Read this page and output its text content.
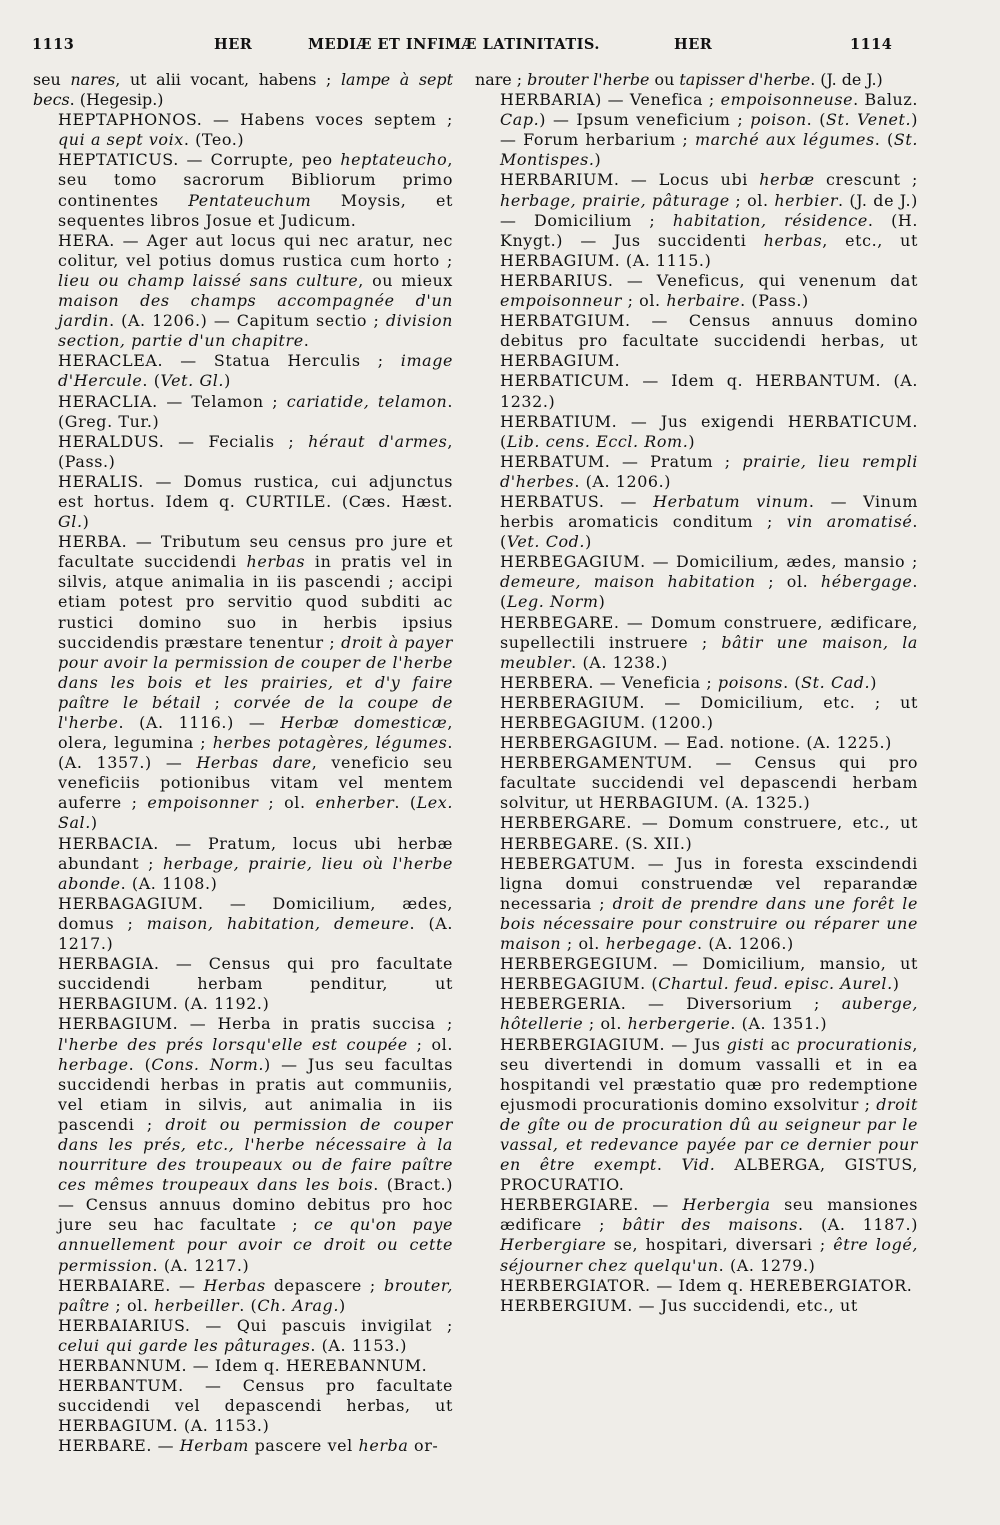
1113	HER	MEDIÆ ET INFIMÆ LATINITATIS.	HER	1114

seu nares, ut alii vocant, habens ; lampe à sept becs. (Hegesip.)

HEPTAPHONOS. — Habens voces septem ; qui a sept voix. (Teo.)

HEPTATICUS. — Corrupte, peo heptateucho, seu tomo sacrorum Bibliorum primo continentes Pentateuchum Moysis, et sequentes libros Josue et Judicum.

HERA. — Ager aut locus qui nec aratur, nec colitur, vel potius domus rustica cum horto ; lieu ou champ laissé sans culture, ou mieux maison des champs accompagnée d'un jardin. (A. 1206.) — Capitum sectio ; division section, partie d'un chapitre.

HERACLEA. — Statua Herculis ; image d'Hercule. (Vet. Gl.)

HERACLIA. — Telamon ; cariatide, telamon. (Greg. Tur.)

HERALDUS. — Fecialis ; héraut d'armes, (Pass.)

HERALIS. — Domus rustica, cui adjunctus est hortus. Idem q. CURTILE. (Cæs. Hæst. Gl.)

HERBA. — Tributum seu census pro jure et facultate succidendi herbas in pratis vel in silvis, atque animalia in iis pascendi ; accipi etiam potest pro servitio quod subditi ac rustici domino suo in herbis ipsius succidendis præstare tenentur ; droit à payer pour avoir la permission de couper de l'herbe dans les bois et les prairies, et d'y faire paître le bétail ; corvée de la coupe de l'herbe. (A. 1116.) — Herbæ domesticæ, olera, legumina ; herbes potagères, légumes. (A. 1357.) — Herbas dare, veneficio seu veneficiis potionibus vitam vel mentem auferre ; empoisonner ; ol. enherber. (Lex. Sal.)

HERBACIA. — Pratum, locus ubi herbæ abundant ; herbage, prairie, lieu où l'herbe abonde. (A. 1108.)

HERBAGAGIUM. — Domicilium, ædes, domus ; maison, habitation, demeure. (A. 1217.)

HERBAGIA. — Census qui pro facultate succidendi herbam penditur, ut HERBAGIUM. (A. 1192.)

HERBAGIUM. — Herba in pratis succisa ; l'herbe des prés lorsqu'elle est coupée ; ol. herbage. (Cons. Norm.) — Jus seu facultas succidendi herbas in pratis aut communiis, vel etiam in silvis, aut animalia in iis pascendi ; droit ou permission de couper dans les prés, etc., l'herbe nécessaire à la nourriture des troupeaux ou de faire paître ces mêmes troupeaux dans les bois. (Bract.) — Census annuus domino debitus pro hoc jure seu hac facultate ; ce qu'on paye annuellement pour avoir ce droit ou cette permission. (A. 1217.)

HERBAIARE. — Herbas depascere ; brouter, paître ; ol. herbeiller. (Ch. Arag.)

HERBAIARIUS. — Qui pascuis invigilat ; celui qui garde les pâturages. (A. 1153.)

HERBANNUM. — Idem q. HEREBANNUM.

HERBANTUM. — Census pro facultate succidendi vel depascendi herbas, ut HERBAGIUM. (A. 1153.)

HERBARE. — Herbam pascere vel herba or-

nare ; brouter l'herbe ou tapisser d'herbe. (J. de J.)

HERBARIA) — Venefica ; empoisonneuse. Baluz. Cap.) — Ipsum veneficium ; poison. (St. Venet.) — Forum herbarium ; marché aux légumes. (St. Montispes.)

HERBARIUM. — Locus ubi herbæ crescunt ; herbage, prairie, pâturage ; ol. herbier. (J. de J.) — Domicilium ; habitation, résidence. (H. Knygt.) — Jus succidenti herbas, etc., ut HERBAGIUM. (A. 1115.)

HERBARIUS. — Veneficus, qui venenum dat empoisonneur ; ol. herbaire. (Pass.)

HERBATGIUM. — Census annuus domino debitus pro facultate succidendi herbas, ut HERBAGIUM.

HERBATICUM. — Idem q. HERBANTUM. (A. 1232.)

HERBATIUM. — Jus exigendi HERBATICUM. (Lib. cens. Eccl. Rom.)

HERBATUM. — Pratum ; prairie, lieu rempli d'herbes. (A. 1206.)

HERBATUS. — Herbatum vinum. — Vinum herbis aromaticis conditum ; vin aromatisé. (Vet. Cod.)

HERBEGAGIUM. — Domicilium, ædes, mansio ; demeure, maison habitation ; ol. hébergage. (Leg. Norm)

HERBEGARE. — Domum construere, ædificare, supellectili instruere ; bâtir une maison, la meubler. (A. 1238.)

HERBERA. — Veneficia ; poisons. (St. Cad.)

HERBERAGIUM. — Domicilium, etc. ; ut HERBEGAGIUM. (1200.)

HERBERGAGIUM. — Ead. notione. (A. 1225.)

HERBERGAMENTUM. — Census qui pro facultate succidendi vel depascendi herbam solvitur, ut HERBAGIUM. (A. 1325.)

HERBERGARE. — Domum construere, etc., ut HERBEGARE. (S. XII.)

HEBERGATUM. — Jus in foresta exscindendi ligna domui construendæ vel reparandæ necessaria ; droit de prendre dans une forêt le bois nécessaire pour construire ou réparer une maison ; ol. herbegage. (A. 1206.)

HERBERGEGIUM. — Domicilium, mansio, ut HERBEGAGIUM. (Chartul. feud. episc. Aurel.)

HEBERGERIA. — Diversorium ; auberge, hôtellerie ; ol. herbergerie. (A. 1351.)

HERBERGIAGIUM. — Jus gisti ac procurationis, seu divertendi in domum vassalli et in ea hospitandi vel præstatio quæ pro redemptione ejusmodi procurationis domino exsolvitur ; droit de gîte ou de procuration dû au seigneur par le vassal, et redevance payée par ce dernier pour en être exempt. Vid. ALBERGA, GISTUS, PROCURATIO.

HERBERGIARE. — Herbergia seu mansiones ædificare ; bâtir des maisons. (A. 1187.) Herbergiare se, hospitari, diversari ; être logé, séjourner chez quelqu'un. (A. 1279.)

HERBERGIATOR. — Idem q. HEREBERGIATOR.

HERBERGIUM. — Jus succidendi, etc., ut
